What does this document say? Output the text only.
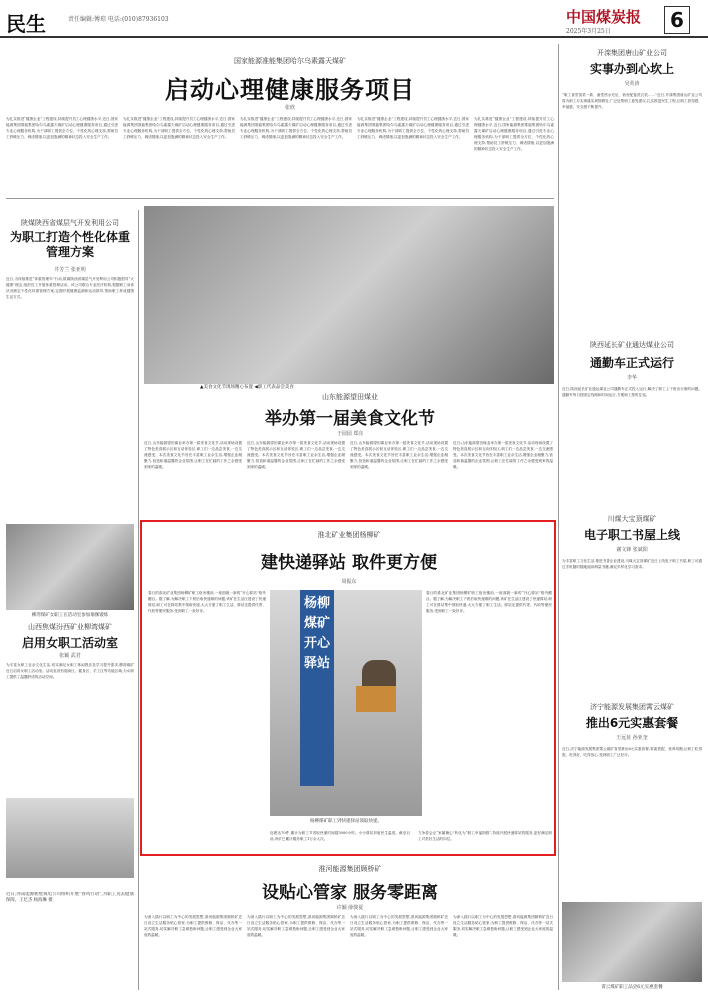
民生	责任编辑:傅琼 电话:(010)87936103	中国煤炭报
2025年3月25日	6
国家能源准能集团哈尔乌素露天煤矿
启动心理健康服务项目
张欣
为扎实推进“健康企业”工程建设,持续提升员工心理健康水平,近日,国家能源集团准能集团哈尔乌素露天煤矿启动心理健康服务项目,通过引进专业心理服务机构,为干部职工提供全方位、个性化的心理支持,帮助员工舒缓压力、调适情绪,以更加饱满的精神状态投入安全生产工作。
为扎实推进“健康企业”工程建设,持续提升员工心理健康水平,近日,国家能源集团准能集团哈尔乌素露天煤矿启动心理健康服务项目,通过引进专业心理服务机构,为干部职工提供全方位、个性化的心理支持,帮助员工舒缓压力、调适情绪,以更加饱满的精神状态投入安全生产工作。
为扎实推进“健康企业”工程建设,持续提升员工心理健康水平,近日,国家能源集团准能集团哈尔乌素露天煤矿启动心理健康服务项目,通过引进专业心理服务机构,为干部职工提供全方位、个性化的心理支持,帮助员工舒缓压力、调适情绪,以更加饱满的精神状态投入安全生产工作。
为扎实推进“健康企业”工程建设,持续提升员工心理健康水平,近日,国家能源集团准能集团哈尔乌素露天煤矿启动心理健康服务项目,通过引进专业心理服务机构,为干部职工提供全方位、个性化的心理支持,帮助员工舒缓压力、调适情绪,以更加饱满的精神状态投入安全生产工作。
为扎实推进“健康企业”工程建设,持续提升员工心理健康水平,近日,国家能源集团准能集团哈尔乌素露天煤矿启动心理健康服务项目,通过引进专业心理服务机构,为干部职工提供全方位、个性化的心理支持,帮助员工舒缓压力、调适情绪,以更加饱满的精神状态投入安全生产工作。
陕煤陕西省煤层气开发利用公司
为职工打造个性化体重管理方案
井芳兰 张亚明
近日,为持续推进“体重管理年”行动,陕煤陕西省煤层气开发利用公司积极倡导“大健康”理念,组织员工开展体重管理活动。该公司联合专业医疗机构,根据职工身体状况制定个性化体重管理方案,定期开展健康监测和运动指导,帮助职工养成健康生活方式。
柳湾煤矿女职工在活动室参加瑜伽锻炼
山西焦煤汾西矿业柳湾煤矿
启用女职工活动室
张颖 武君
为丰富女职工业余文化生活,切实满足女职工休闲娱乐及学习提升需求,柳湾煤矿近日启用女职工活动室。活动室设有阅读区、健身区、手工区等功能区域,为女职工提供了温馨舒适的活动空间。
近日,河南能源鹤壁煤电公司组织开展“春风行动”,为职工送去健康保障。王忆杰 杨海琳 摄
▲美食文化节现场精心布置 ◀职工代表品尝美食
山东能源望田煤业
举办第一届美食文化节
于园园 郑亮
近日,山东能源望田煤业举办第一届美食文化节,活动现场设置了特色美食展示区和互动体验区,职工们一边品尝美食,一边交流感受。本次美食文化节旨在丰富职工业余生活,增强企业凝聚力,营造和谐温馨的企业氛围,让职工在忙碌的工作之余感受到家的温暖。
近日,山东能源望田煤业举办第一届美食文化节,活动现场设置了特色美食展示区和互动体验区,职工们一边品尝美食,一边交流感受。本次美食文化节旨在丰富职工业余生活,增强企业凝聚力,营造和谐温馨的企业氛围,让职工在忙碌的工作之余感受到家的温暖。
近日,山东能源望田煤业举办第一届美食文化节,活动现场设置了特色美食展示区和互动体验区,职工们一边品尝美食,一边交流感受。本次美食文化节旨在丰富职工业余生活,增强企业凝聚力,营造和谐温馨的企业氛围,让职工在忙碌的工作之余感受到家的温暖。
近日,山东能源望田煤业举办第一届美食文化节,活动现场设置了特色美食展示区和互动体验区,职工们一边品尝美食,一边交流感受。本次美食文化节旨在丰富职工业余生活,增强企业凝聚力,营造和谐温馨的企业氛围,让职工在忙碌的工作之余感受到家的温暖。
淮北矿业集团杨柳矿
建快递驿站 取件更方便
周振东
春日的淮北矿业集团杨柳矿职工宿舍楼前,一座面貌一新的“开心驿站”格外醒目。据了解,为解决职工下班后取快递难的问题,该矿在生活区建设了快递驿站,职工可在驿站集中领取快递,大大方便了职工生活。驿站还提供代寄、代收等便民服务,受到职工一致好评。	杨柳煤矿开心驿站
杨柳煤矿职工到快递驿站领取快递。
春日的淮北矿业集团杨柳矿职工宿舍楼前,一座面貌一新的“开心驿站”格外醒目。据了解,为解决职工下班后取快递难的问题,该矿在生活区建设了快递驿站,职工可在驿站集中领取快递,大大方便了职工生活。驿站还提供代寄、代收等便民服务,受到职工一致好评。
包裹达70件,累计为职工节省取快递时间超3000小时。小小驿站折射民生温度。截至目前,该矿已累计服务职工1万余人次。
力争将会企“家属操心”转化为“职工幸福指数”,持续开展快递驿站的服务,更好满足职工对美好生活的向往。
开滦集团唐山矿业公司
实事办到心坎上
吴英涛
“职工食堂饭菜一新、澡堂热水充足、宿舍配备洗衣机……”近日,开滦集团唐山矿业公司将为职工办实事落实到细微处,广泛征集职工意见建议,扎实推进民生工程,让职工获得感、幸福感、安全感不断提升。
陕西延长矿业通达煤业公司
通勤车正式运行
李华
近日,陕西延长矿业通达煤业公司通勤车正式投入运行,解决了职工上下班出行难的问题。通勤车每日按固定线路和时间运行,方便职工按时往返。
川煤大宝顶煤矿
电子职工书屋上线
谢文锋 张斌阳
为丰富职工文化生活,推进书香企业建设,川煤大宝顶煤矿近日上线电子职工书屋,职工可通过手机随时随地阅读海量书籍,满足多样化学习需求。
济宁能源发展集团霄云煤矿
推出6元实惠套餐
王远征 孙亚奎
近日,济宁能源发展集团霄云煤矿食堂推出6元实惠套餐,荤素搭配、营养均衡,让职工吃得饱、吃得好、吃得放心,受到职工广泛好评。
霄云煤矿职工品尝6元实惠套餐
淮河能源集团顾桥矿
设贴心管家 服务零距离
许颖 薛骏夏
为深入践行以职工为中心的发展思想,淮河能源集团顾桥矿近日设立生活服务贴心管家,为职工提供维修、保洁、代办等一站式服务,切实解决职工急难愁盼问题,让职工感受到企业大家庭的温暖。
为深入践行以职工为中心的发展思想,淮河能源集团顾桥矿近日设立生活服务贴心管家,为职工提供维修、保洁、代办等一站式服务,切实解决职工急难愁盼问题,让职工感受到企业大家庭的温暖。
为深入践行以职工为中心的发展思想,淮河能源集团顾桥矿近日设立生活服务贴心管家,为职工提供维修、保洁、代办等一站式服务,切实解决职工急难愁盼问题,让职工感受到企业大家庭的温暖。
为深入践行以职工为中心的发展思想,淮河能源集团顾桥矿近日设立生活服务贴心管家,为职工提供维修、保洁、代办等一站式服务,切实解决职工急难愁盼问题,让职工感受到企业大家庭的温暖。
